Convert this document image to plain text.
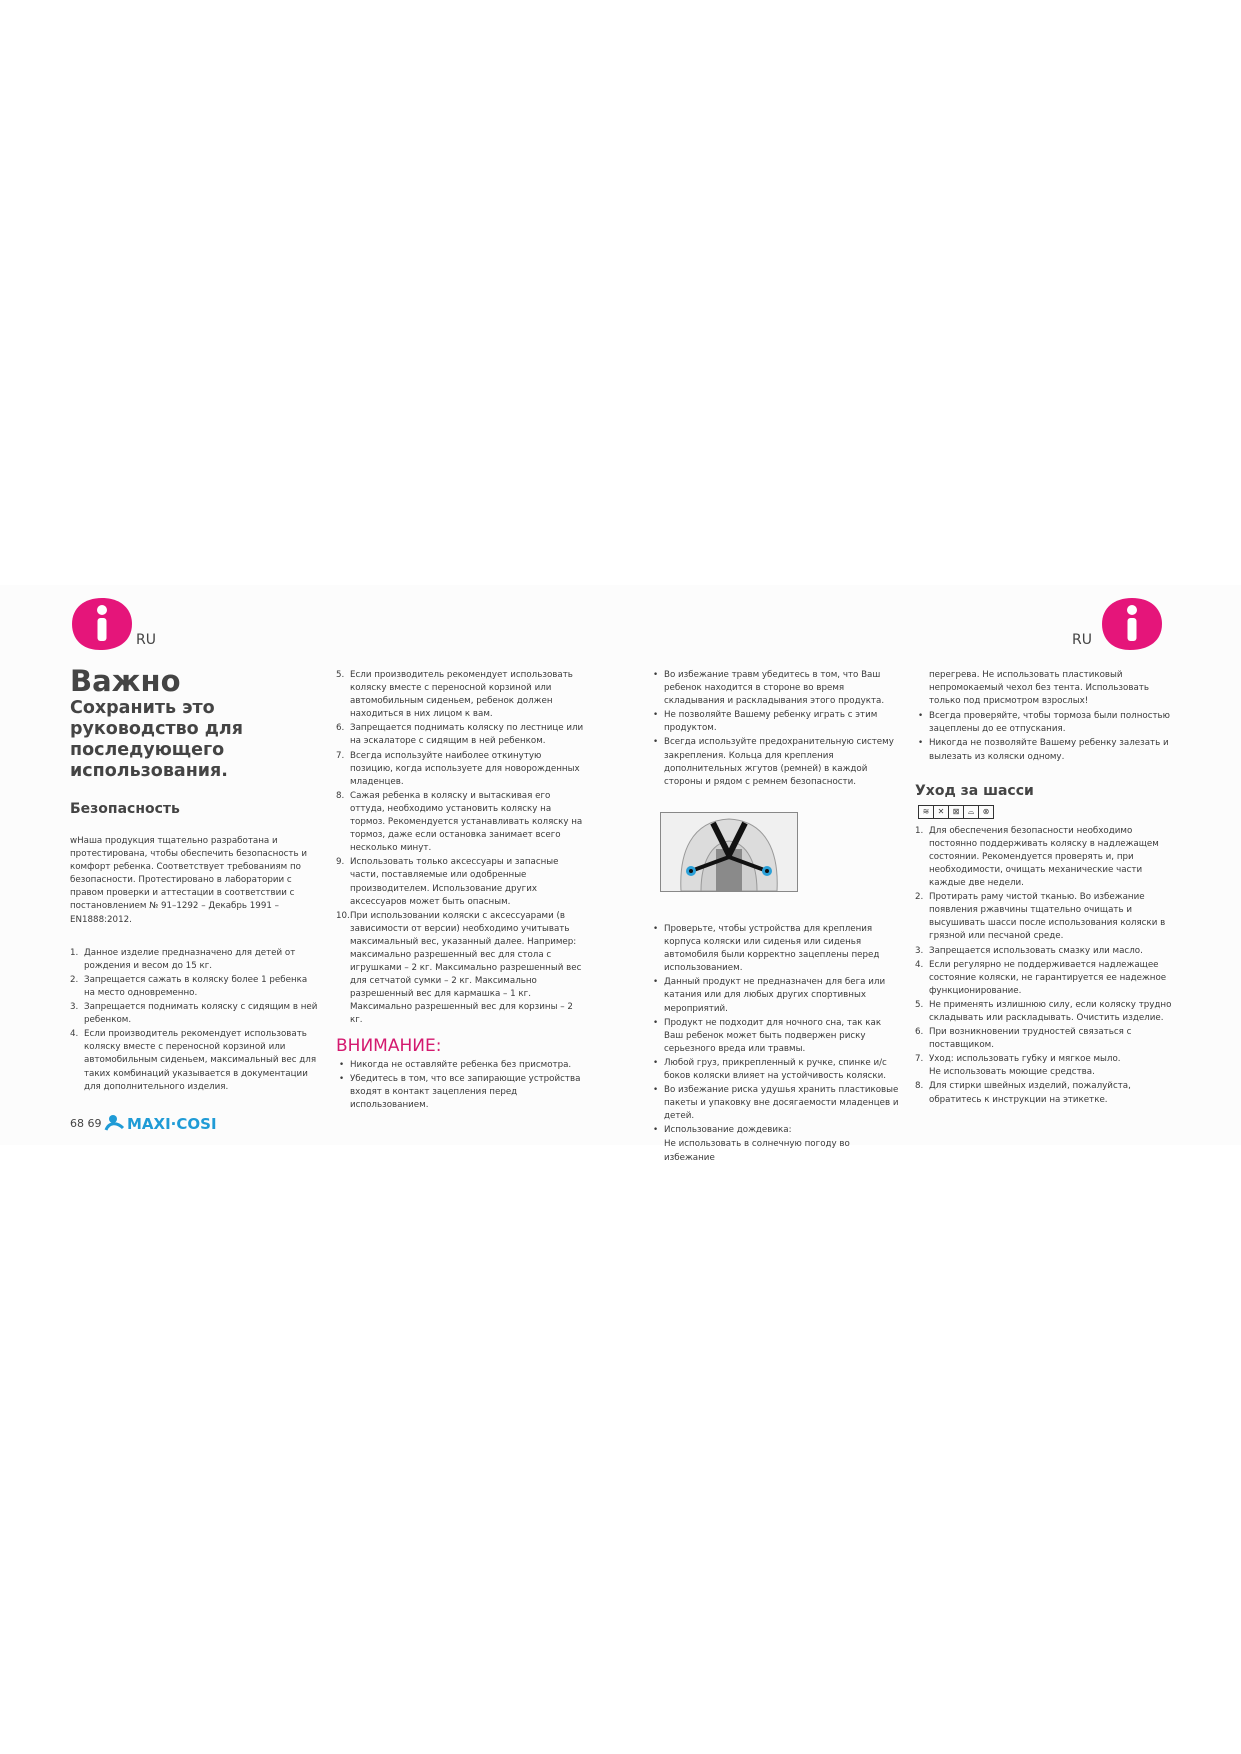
RU	RU
Важно
Сохранить это руководство для последующего использования.
Безопасность

wНаша продукция тщательно разработана и протестирована, чтобы обеспечить безопасность и комфорт ребенка. Соответствует требованиям по безопасности. Протестировано в лаборатории с правом проверки и аттестации в соответствии с постановлением № 91–1292 – Декабрь 1991 – EN1888:2012.

1. Данное изделие предназначено для детей от рождения и весом до 15 кг.
2. Запрещается сажать в коляску более 1 ребенка на место одновременно.
3. Запрещается поднимать коляску с сидящим в ней ребенком.
4. Если производитель рекомендует использовать коляску вместе с переносной корзиной или автомобильным сиденьем, максимальный вес для таких комбинаций указывается в документации для дополнительного изделия.
5. Если производитель рекомендует использовать коляску вместе с переносной корзиной или автомобильным сиденьем, ребенок должен находиться в них лицом к вам.
6. Запрещается поднимать коляску по лестнице или на эскалаторе с сидящим в ней ребенком.
7. Всегда используйте наиболее откинутую позицию, когда используете для новорожденных младенцев.
8. Сажая ребенка в коляску и вытаскивая его оттуда, необходимо установить коляску на тормоз. Рекомендуется устанавливать коляску на тормоз, даже если остановка занимает всего несколько минут.
9. Использовать только аксессуары и запасные части, поставляемые или одобренные производителем. Использование других аксессуаров может быть опасным.
10. При использовании коляски с аксессуарами (в зависимости от версии) необходимо учитывать максимальный вес, указанный далее. Например: максимально разрешенный вес для стола с игрушками – 2 кг. Максимально разрешенный вес для сетчатой сумки – 2 кг. Максимально разрешенный вес для кармашка – 1 кг. Максимально разрешенный вес для корзины – 2 кг.
ВНИМАНИЕ:
• Никогда не оставляйте ребенка без присмотра.
• Убедитесь в том, что все запирающие устройства входят в контакт зацепления перед использованием.
• Во избежание травм убедитесь в том, что Ваш ребенок находится в стороне во время складывания и раскладывания этого продукта.
• Не позволяйте Вашему ребенку играть с этим продуктом.
• Всегда используйте предохранительную систему закрепления. Кольца для крепления дополнительных жгутов (ремней) в каждой стороны и рядом с ремнем безопасности.
• Проверьте, чтобы устройства для крепления корпуса коляски или сиденья или сиденья автомобиля были корректно зацеплены перед использованием.
• Данный продукт не предназначен для бега или катания или для любых других спортивных мероприятий.
• Продукт не подходит для ночного сна, так как Ваш ребенок может быть подвержен риску серьезного вреда или травмы.
• Любой груз, прикрепленный к ручке, спинке и/с боков коляски влияет на устойчивость коляски.
• Во избежание риска удушья хранить пластиковые пакеты и упаковку вне досягаемости младенцев и детей.
• Использование дождевика:
Не использовать в солнечную погоду во избежание
перегрева. Не использовать пластиковый непромокаемый чехол без тента. Использовать только под присмотром взрослых!
• Всегда проверяйте, чтобы тормоза были полностью зацеплены до ее отпускания.
• Никогда не позволяйте Вашему ребенку залезать и вылезать из коляски одному.
Уход за шасси
≋	✕	⊠	⌓	⊗
1. Для обеспечения безопасности необходимо постоянно поддерживать коляску в надлежащем состоянии. Рекомендуется проверять и, при необходимости, очищать механические части каждые две недели.
2. Протирать раму чистой тканью. Во избежание появления ржавчины тщательно очищать и высушивать шасси после использования коляски в грязной или песчаной среде.
3. Запрещается использовать смазку или масло.
4. Если регулярно не поддерживается надлежащее состояние коляски, не гарантируется ее надежное функционирование.
5. Не применять излишнюю силу, если коляску трудно складывать или раскладывать. Очистить изделие.
6. При возникновении трудностей связаться с поставщиком.
7. Уход: использовать губку и мягкое мыло.
Не использовать моющие средства.
8. Для стирки швейных изделий, пожалуйста, обратитесь к инструкции на этикетке.
68 69 MAXI·COSI
